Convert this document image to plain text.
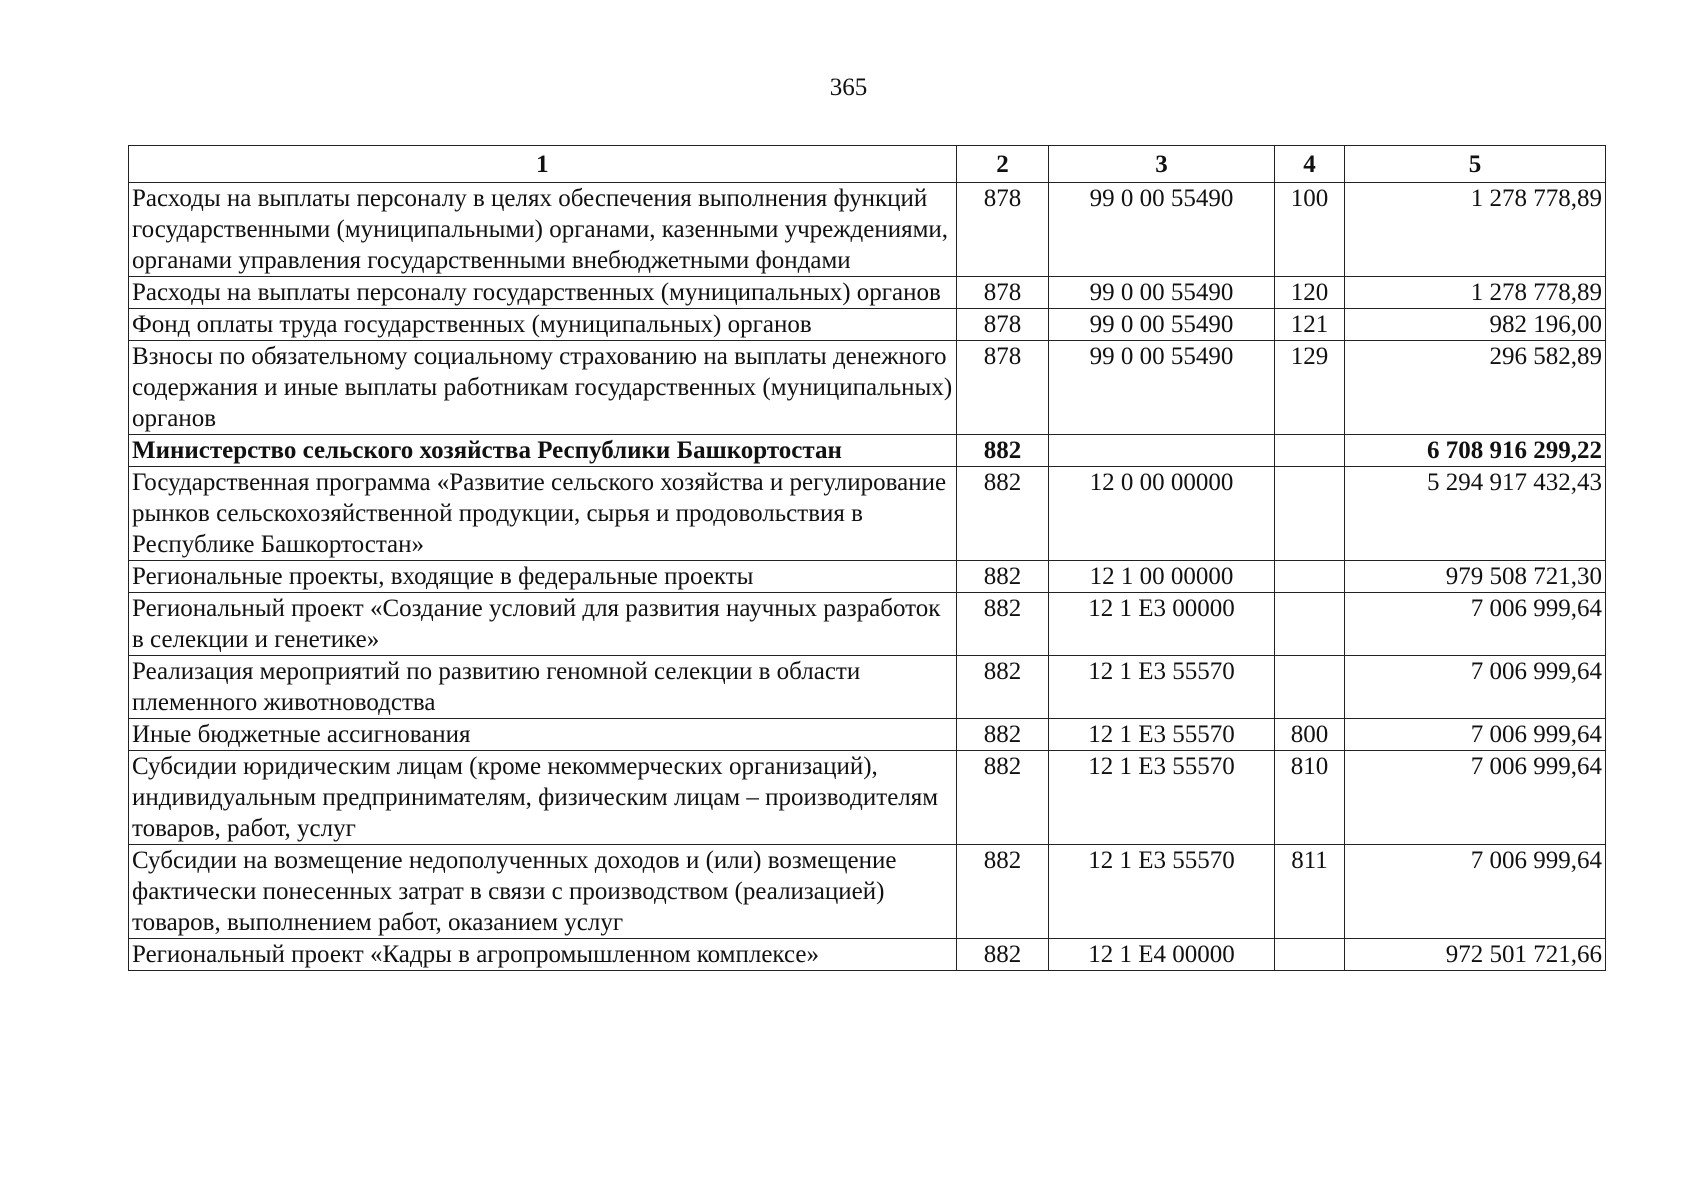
365
1	2	3	4	5
Расходы на выплаты персоналу в целях обеспечения выполнения функций государственными (муниципальными) органами, казенными учреждениями, органами управления государственными внебюджетными фондами	878	99 0 00 55490	100	1 278 778,89
Расходы на выплаты персоналу государственных (муниципальных) органов	878	99 0 00 55490	120	1 278 778,89
Фонд оплаты труда государственных (муниципальных) органов	878	99 0 00 55490	121	982 196,00
Взносы по обязательному социальному страхованию на выплаты денежного содержания и иные выплаты работникам государственных (муниципальных) органов	878	99 0 00 55490	129	296 582,89
Министерство сельского хозяйства Республики Башкортостан	882			6 708 916 299,22
Государственная программа «Развитие сельского хозяйства и регулирование рынков сельскохозяйственной продукции, сырья и продовольствия в Республике Башкортостан»	882	12 0 00 00000		5 294 917 432,43
Региональные проекты, входящие в федеральные проекты	882	12 1 00 00000		979 508 721,30
Региональный проект «Создание условий для развития научных разработок в селекции и генетике»	882	12 1 E3 00000		7 006 999,64
Реализация мероприятий по развитию геномной селекции в области племенного животноводства	882	12 1 E3 55570		7 006 999,64
Иные бюджетные ассигнования	882	12 1 E3 55570	800	7 006 999,64
Субсидии юридическим лицам (кроме некоммерческих организаций), индивидуальным предпринимателям, физическим лицам – производителям товаров, работ, услуг	882	12 1 E3 55570	810	7 006 999,64
Субсидии на возмещение недополученных доходов и (или) возмещение фактически понесенных затрат в связи с производством (реализацией) товаров, выполнением работ, оказанием услуг	882	12 1 E3 55570	811	7 006 999,64
Региональный проект «Кадры в агропромышленном комплексе»	882	12 1 E4 00000		972 501 721,66
